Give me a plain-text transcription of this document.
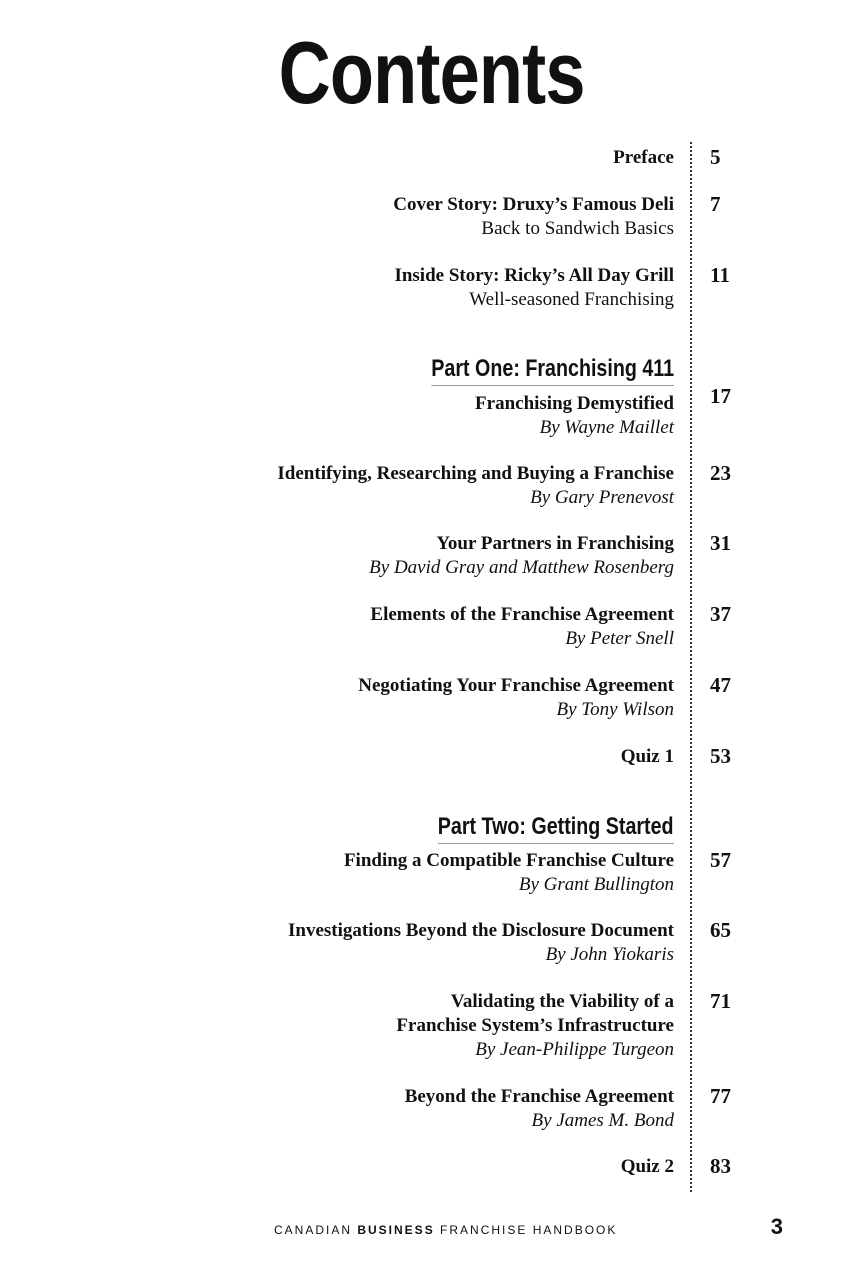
Contents
Preface 5
Cover Story: Druxy’s Famous Deli
Back to Sandwich Basics
7
Inside Story: Ricky’s All Day Grill
Well-seasoned Franchising
11
Part One: Franchising 411
Franchising Demystified
By Wayne Maillet
17
Identifying, Researching and Buying a Franchise
By Gary Prenevost
23
Your Partners in Franchising
By David Gray and Matthew Rosenberg
31
Elements of the Franchise Agreement
By Peter Snell
37
Negotiating Your Franchise Agreement
By Tony Wilson
47
Quiz 1 53
Part Two: Getting Started
Finding a Compatible Franchise Culture
By Grant Bullington
57
Investigations Beyond the Disclosure Document
By John Yiokaris
65
Validating the Viability of a
Franchise System’s Infrastructure
By Jean-Philippe Turgeon
71
Beyond the Franchise Agreement
By James M. Bond
77
Quiz 2 83
CANADIAN BUSINESS FRANCHISE HANDBOOK	3
